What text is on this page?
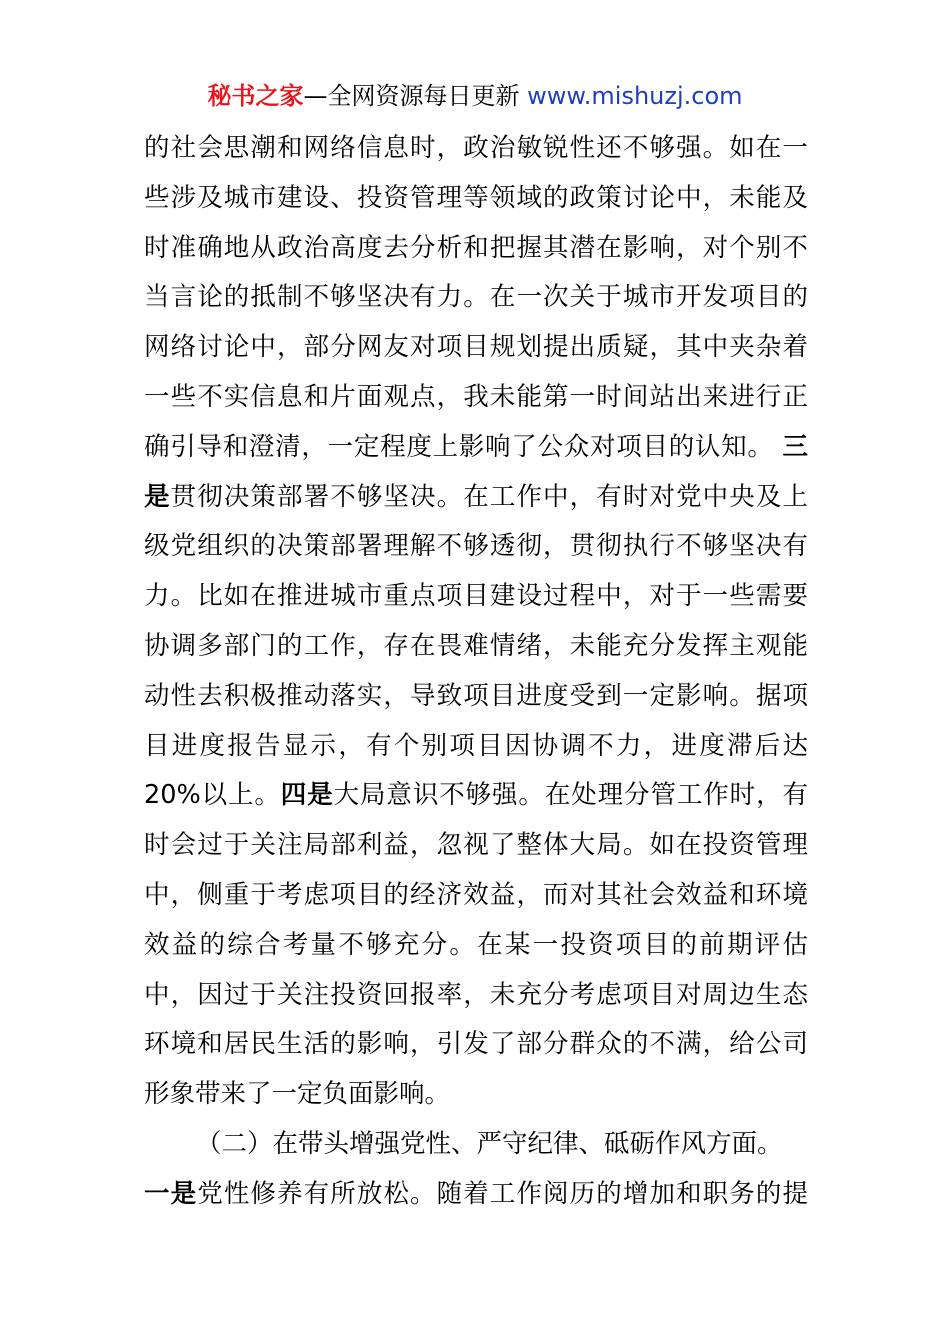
秘书之家—全网资源每日更新 www.mishuzj.com
的社会思潮和网络信息时，政治敏锐性还不够强。如在一
些涉及城市建设、投资管理等领域的政策讨论中，未能及
时准确地从政治高度去分析和把握其潜在影响，对个别不
当言论的抵制不够坚决有力。在一次关于城市开发项目的
网络讨论中，部分网友对项目规划提出质疑，其中夹杂着
一些不实信息和片面观点，我未能第一时间站出来进行正
确引导和澄清，一定程度上影响了公众对项目的认知。 三
是贯彻决策部署不够坚决。在工作中，有时对党中央及上
级党组织的决策部署理解不够透彻，贯彻执行不够坚决有
力。比如在推进城市重点项目建设过程中，对于一些需要
协调多部门的工作，存在畏难情绪，未能充分发挥主观能
动性去积极推动落实，导致项目进度受到一定影响。据项
目进度报告显示，有个别项目因协调不力，进度滞后达
20%以上。四是大局意识不够强。在处理分管工作时，有
时会过于关注局部利益，忽视了整体大局。如在投资管理
中，侧重于考虑项目的经济效益，而对其社会效益和环境
效益的综合考量不够充分。在某一投资项目的前期评估
中，因过于关注投资回报率，未充分考虑项目对周边生态
环境和居民生活的影响，引发了部分群众的不满，给公司
形象带来了一定负面影响。
（二）在带头增强党性、严守纪律、砥砺作风方面。
一是党性修养有所放松。随着工作阅历的增加和职务的提
